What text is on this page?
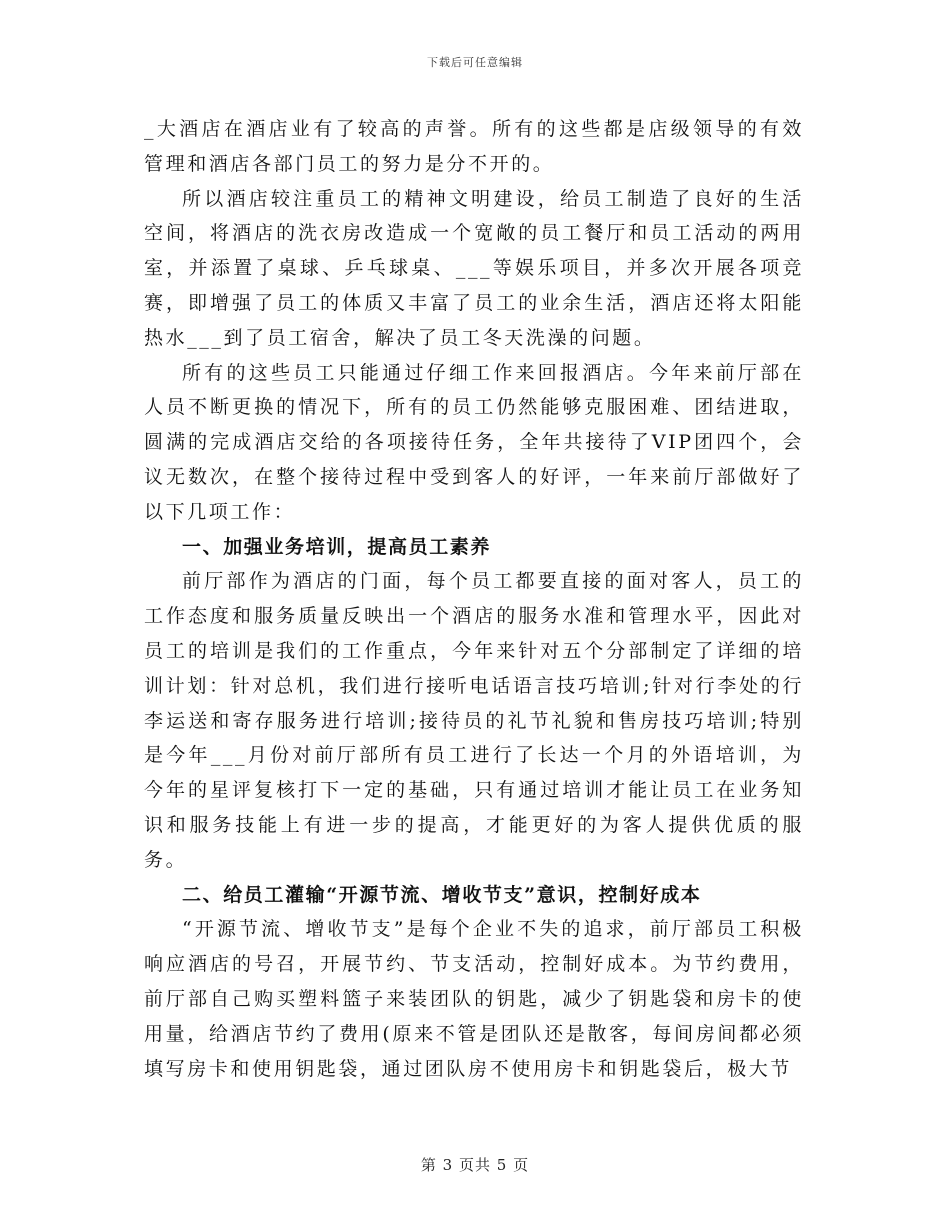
下载后可任意编辑

_大酒店在酒店业有了较高的声誉。所有的这些都是店级领导的有效管理和酒店各部门员工的努力是分不开的。

所以酒店较注重员工的精神文明建设，给员工制造了良好的生活空间，将酒店的洗衣房改造成一个宽敞的员工餐厅和员工活动的两用室，并添置了桌球、乒乓球桌、___等娱乐项目，并多次开展各项竞赛，即增强了员工的体质又丰富了员工的业余生活，酒店还将太阳能热水___到了员工宿舍，解决了员工冬天洗澡的问题。

所有的这些员工只能通过仔细工作来回报酒店。今年来前厅部在人员不断更换的情况下，所有的员工仍然能够克服困难、团结进取，圆满的完成酒店交给的各项接待任务，全年共接待了VIP团四个，会议无数次，在整个接待过程中受到客人的好评，一年来前厅部做好了以下几项工作：

一、加强业务培训，提高员工素养

前厅部作为酒店的门面，每个员工都要直接的面对客人，员工的工作态度和服务质量反映出一个酒店的服务水准和管理水平，因此对员工的培训是我们的工作重点，今年来针对五个分部制定了详细的培训计划：针对总机，我们进行接听电话语言技巧培训;针对行李处的行李运送和寄存服务进行培训;接待员的礼节礼貌和售房技巧培训;特别是今年___月份对前厅部所有员工进行了长达一个月的外语培训，为今年的星评复核打下一定的基础，只有通过培训才能让员工在业务知识和服务技能上有进一步的提高，才能更好的为客人提供优质的服务。

二、给员工灌输“开源节流、增收节支”意识，控制好成本

“开源节流、增收节支”是每个企业不失的追求，前厅部员工积极响应酒店的号召，开展节约、节支活动，控制好成本。为节约费用，前厅部自己购买塑料篮子来装团队的钥匙，减少了钥匙袋和房卡的使用量，给酒店节约了费用(原来不管是团队还是散客，每间房间都必须填写房卡和使用钥匙袋，通过团队房不使用房卡和钥匙袋后，极大节

第 3 页共 5 页
